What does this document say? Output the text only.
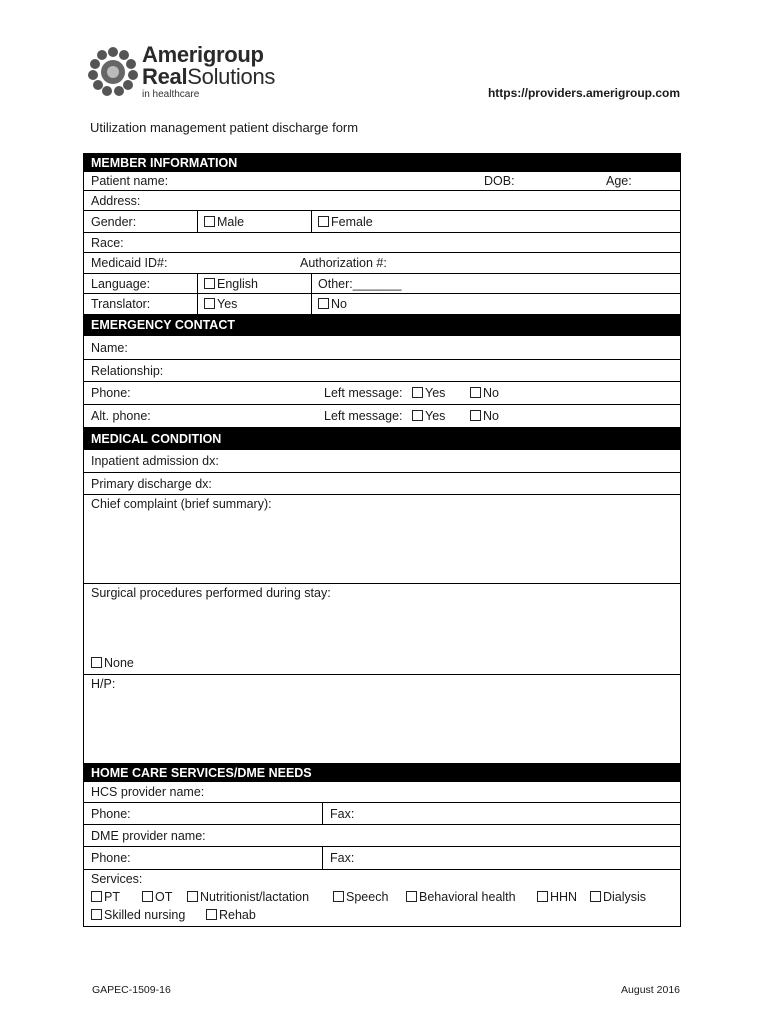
Amerigroup
RealSolutions
in healthcare	https://providers.amerigroup.com
Utilization management patient discharge form
MEMBER INFORMATION
Patient name:	DOB:	Age:
Address:
Gender:	Male	Female
Race:
Medicaid ID#:	Authorization #:
Language:	English	Other:_______
Translator:	Yes	No
EMERGENCY CONTACT
Name:
Relationship:
Phone:	Left message:	Yes	No
Alt. phone:	Left message:	Yes	No
MEDICAL CONDITION
Inpatient admission dx:
Primary discharge dx:
Chief complaint (brief summary):
Surgical procedures performed during stay:
None
H/P:
HOME CARE SERVICES/DME NEEDS
HCS provider name:
Phone:	Fax:
DME provider name:
Phone:	Fax:
Services:
PT	OT	Nutritionist/lactation	Speech	Behavioral health	HHN	Dialysis
Skilled nursing	Rehab
GAPEC-1509-16	August 2016
